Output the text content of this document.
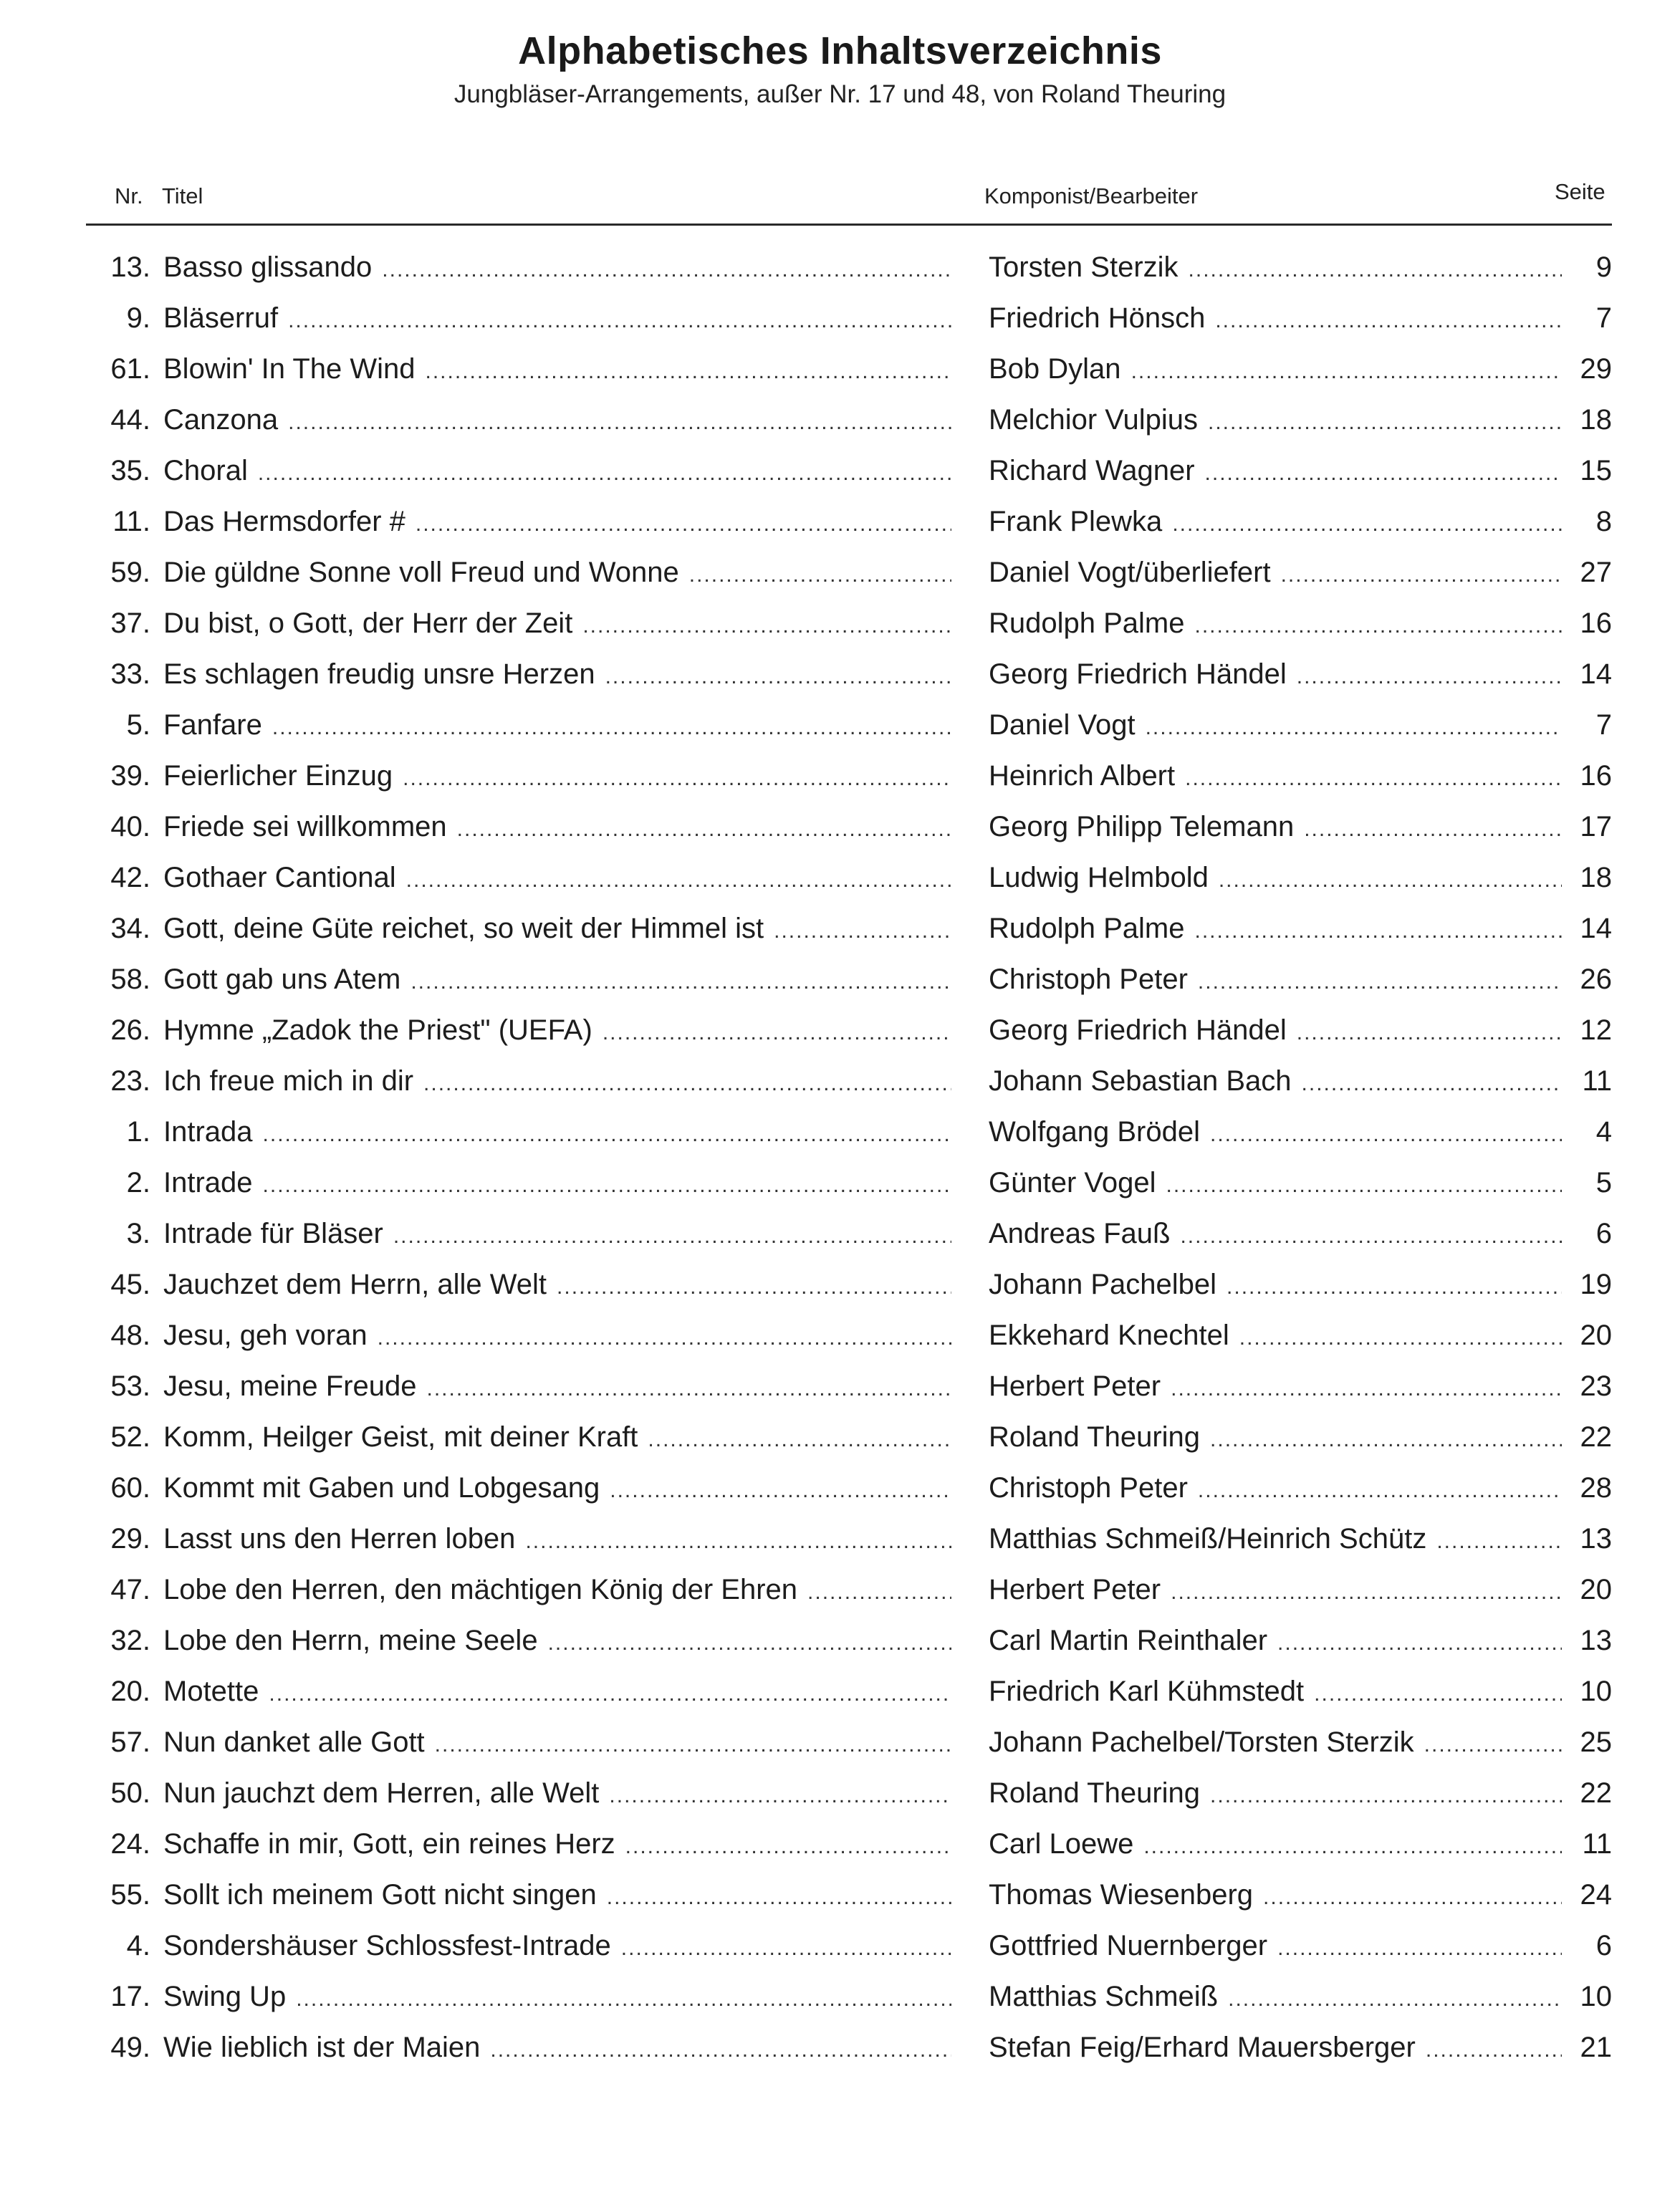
Alphabetisches Inhaltsverzeichnis
Jungbläser-Arrangements, außer Nr. 17 und 48, von Roland Theuring
Nr. Titel	Komponist/Bearbeiter	Seite
13. Basso glissando .....	Torsten Sterzik .....	9
9. Bläserruf .....	Friedrich Hönsch .....	7
61. Blowin' In The Wind .....	Bob Dylan .....	29
44. Canzona .....	Melchior Vulpius .....	18
35. Choral .....	Richard Wagner .....	15
11. Das Hermsdorfer # .....	Frank Plewka .....	8
59. Die güldne Sonne voll Freud und Wonne .....	Daniel Vogt/überliefert .....	27
37. Du bist, o Gott, der Herr der Zeit .....	Rudolph Palme .....	16
33. Es schlagen freudig unsre Herzen .....	Georg Friedrich Händel .....	14
5. Fanfare .....	Daniel Vogt .....	7
39. Feierlicher Einzug .....	Heinrich Albert .....	16
40. Friede sei willkommen .....	Georg Philipp Telemann .....	17
42. Gothaer Cantional .....	Ludwig Helmbold .....	18
34. Gott, deine Güte reichet, so weit der Himmel ist .....	Rudolph Palme .....	14
58. Gott gab uns Atem .....	Christoph Peter .....	26
26. Hymne „Zadok the Priest" (UEFA) .....	Georg Friedrich Händel .....	12
23. Ich freue mich in dir .....	Johann Sebastian Bach .....	11
1. Intrada .....	Wolfgang Brödel .....	4
2. Intrade .....	Günter Vogel .....	5
3. Intrade für Bläser .....	Andreas Fauß .....	6
45. Jauchzet dem Herrn, alle Welt .....	Johann Pachelbel .....	19
48. Jesu, geh voran .....	Ekkehard Knechtel .....	20
53. Jesu, meine Freude .....	Herbert Peter .....	23
52. Komm, Heilger Geist, mit deiner Kraft .....	Roland Theuring .....	22
60. Kommt mit Gaben und Lobgesang .....	Christoph Peter .....	28
29. Lasst uns den Herren loben .....	Matthias Schmeiß/Heinrich Schütz .....	13
47. Lobe den Herren, den mächtigen König der Ehren .....	Herbert Peter .....	20
32. Lobe den Herrn, meine Seele .....	Carl Martin Reinthaler .....	13
20. Motette .....	Friedrich Karl Kühmstedt .....	10
57. Nun danket alle Gott .....	Johann Pachelbel/Torsten Sterzik .....	25
50. Nun jauchzt dem Herren, alle Welt .....	Roland Theuring .....	22
24. Schaffe in mir, Gott, ein reines Herz .....	Carl Loewe .....	11
55. Sollt ich meinem Gott nicht singen .....	Thomas Wiesenberg .....	24
4. Sondershäuser Schlossfest-Intrade .....	Gottfried Nuernberger .....	6
17. Swing Up .....	Matthias Schmeiß .....	10
49. Wie lieblich ist der Maien .....	Stefan Feig/Erhard Mauersberger .....	21
